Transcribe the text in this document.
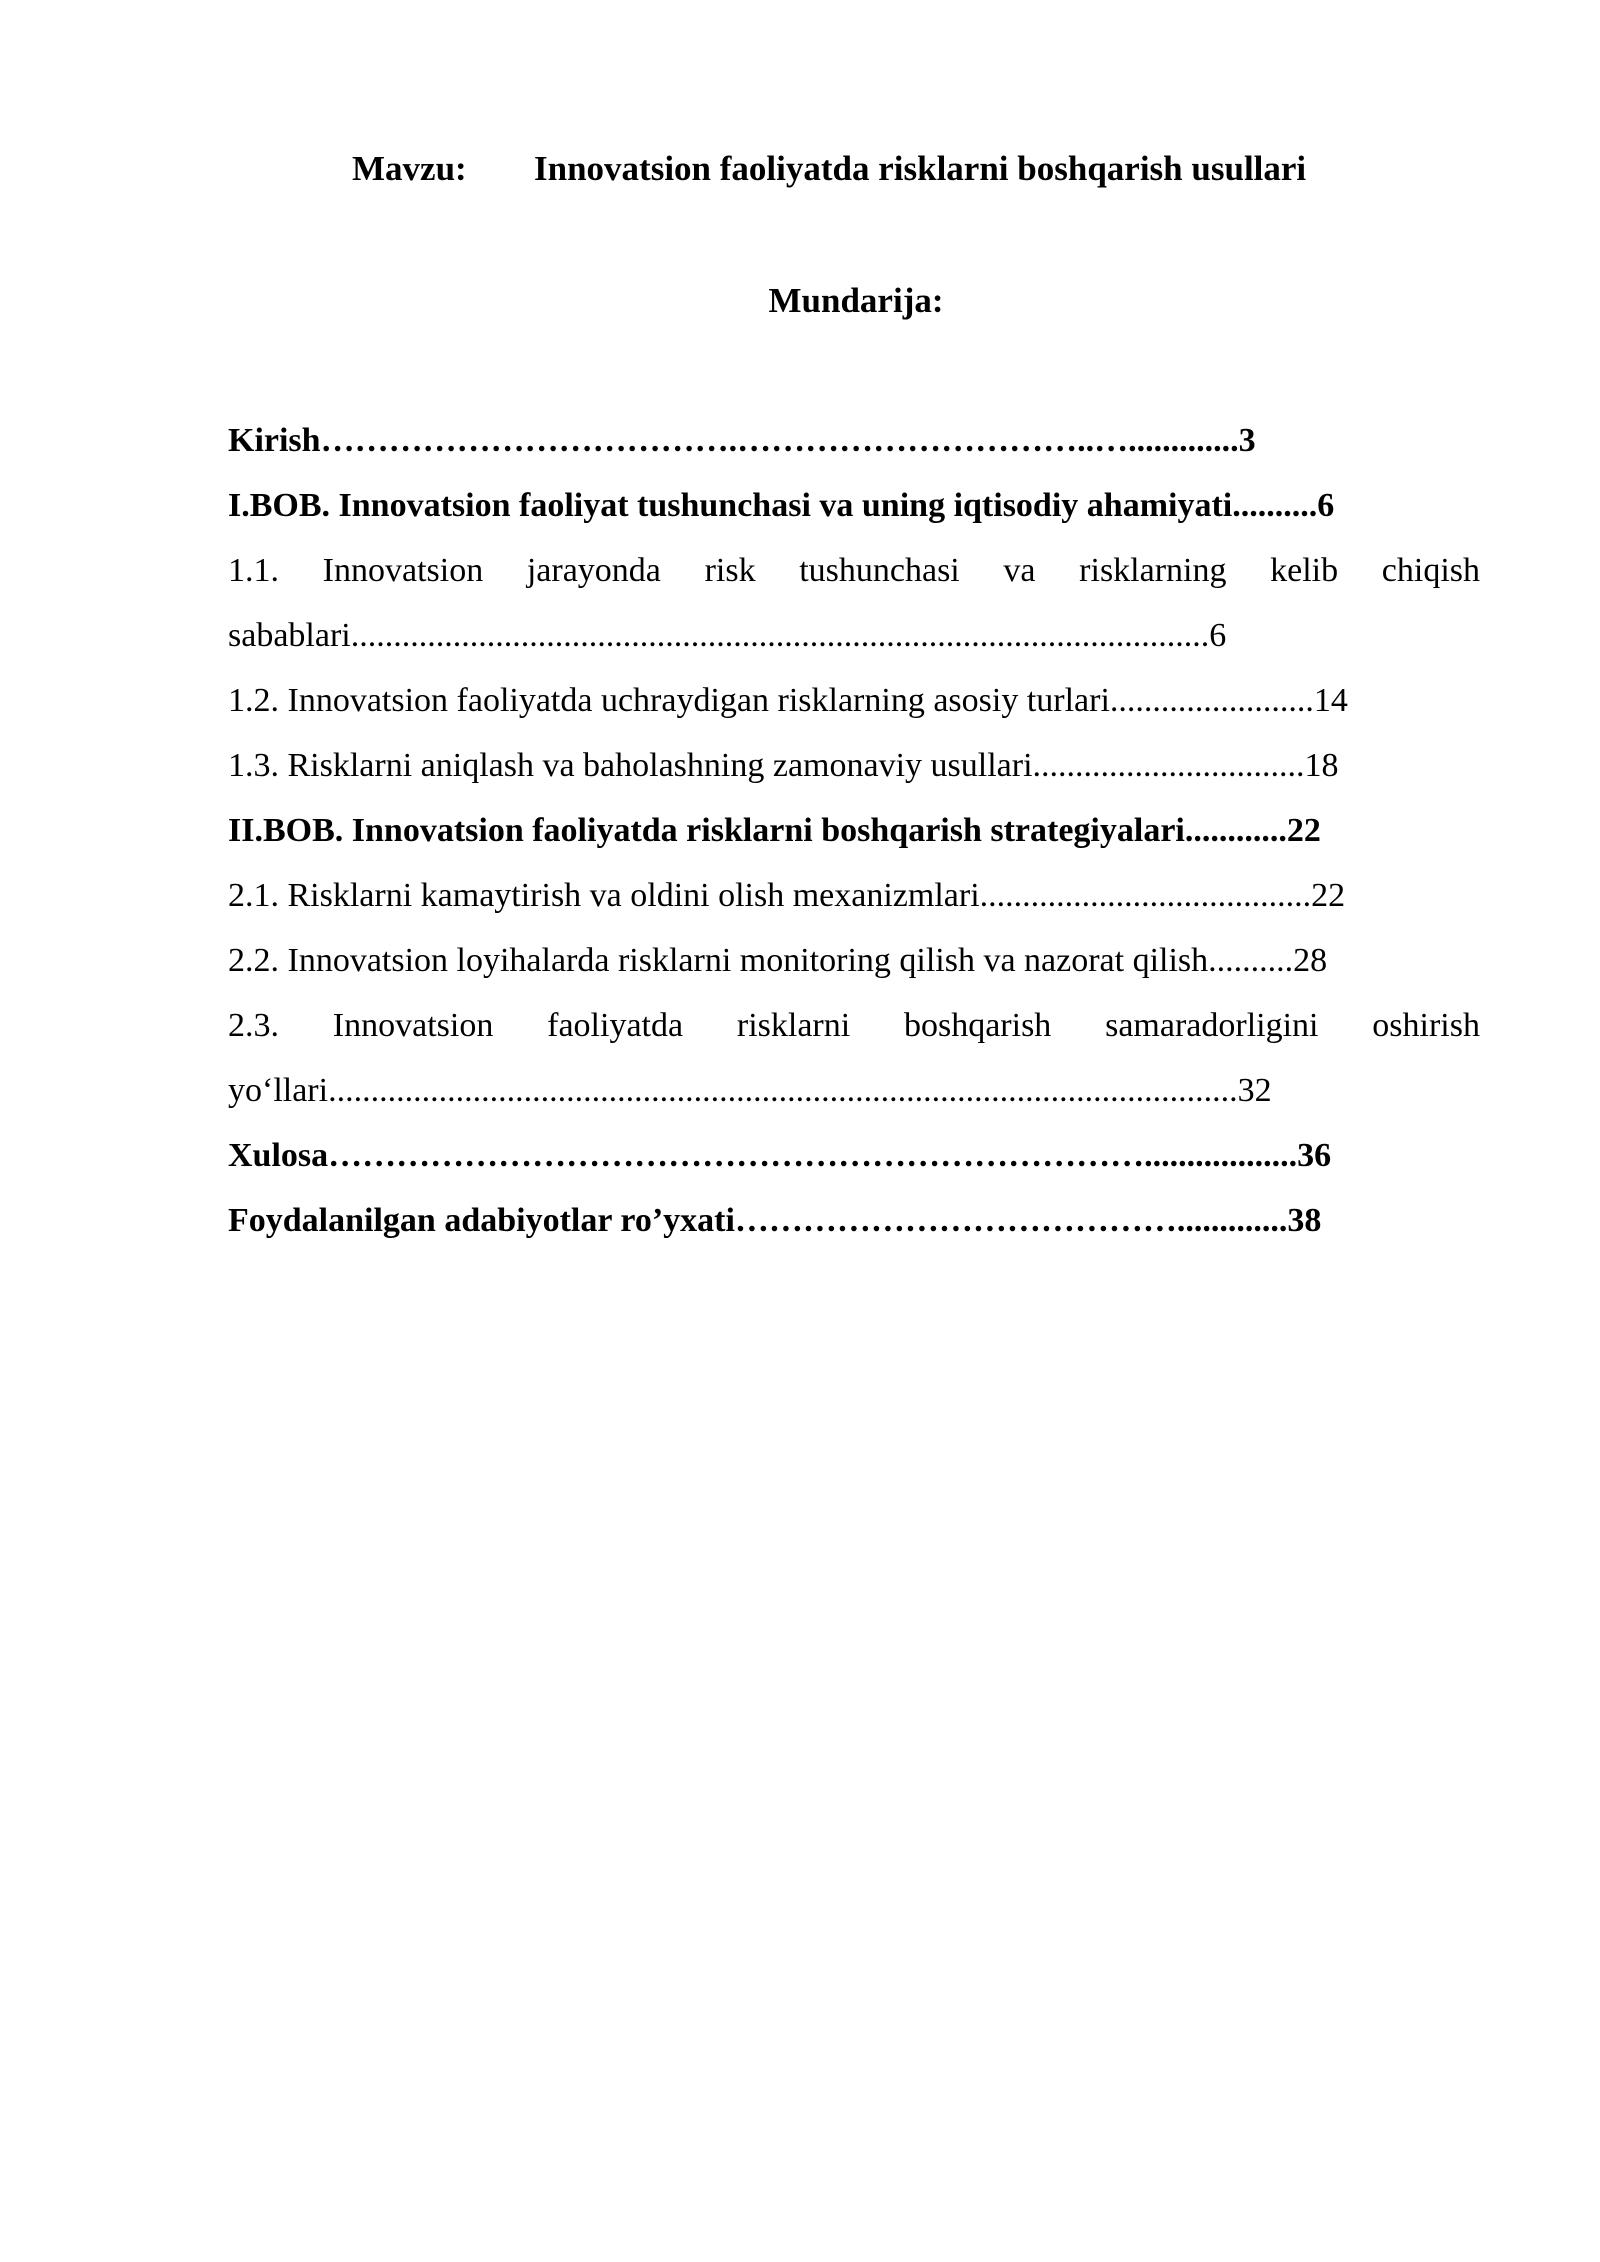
Mavzu: Innovatsion faoliyatda risklarni boshqarish usullari
Mundarija:
Kirish……………………………….…………………………..….............3
I.BOB. Innovatsion faoliyat tushunchasi va uning iqtisodiy ahamiyati..........6
1.1. Innovatsion jarayonda risk tushunchasi va risklarning kelib chiqish
sabablari.....................................................................................................6
1.2. Innovatsion faoliyatda uchraydigan risklarning asosiy turlari........................14
1.3. Risklarni aniqlash va baholashning zamonaviy usullari................................18
II.BOB. Innovatsion faoliyatda risklarni boshqarish strategiyalari............22
2.1. Risklarni kamaytirish va oldini olish mexanizmlari.......................................22
2.2. Innovatsion loyihalarda risklarni monitoring qilish va nazorat qilish..........28
2.3. Innovatsion faoliyatda risklarni boshqarish samaradorligini oshirish
yo‘llari...........................................................................................................32
Xulosa………………………………………………………………..................36
Foydalanilgan adabiyotlar ro’yxati………………………………….............38
